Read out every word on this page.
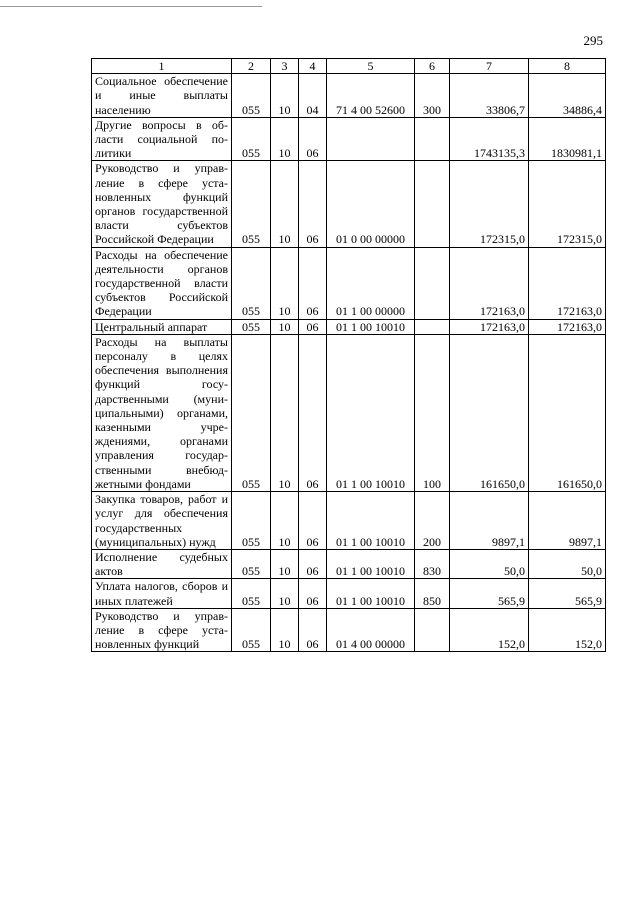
295
1	2	3	4	5	6	7	8
Социальное обеспечение и иные выплаты населению	055	10	04	71 4 00 52600	300	33806,7	34886,4
Другие вопросы в области социальной политики	055	10	06			1743135,3	1830981,1
Руководство и управление в сфере установленных функций органов государственной власти субъектов Российской Федерации	055	10	06	01 0 00 00000		172315,0	172315,0
Расходы на обеспечение деятельности органов государственной власти субъектов Российской Федерации	055	10	06	01 1 00 00000		172163,0	172163,0
Центральный аппарат	055	10	06	01 1 00 10010		172163,0	172163,0
Расходы на выплаты персоналу в целях обеспечения выполнения функций государственными (муниципальными) органами, казенными учреждениями, органами управления государственными внебюджетными фондами	055	10	06	01 1 00 10010	100	161650,0	161650,0
Закупка товаров, работ и услуг для обеспечения государственных (муниципальных) нужд	055	10	06	01 1 00 10010	200	9897,1	9897,1
Исполнение судебных актов	055	10	06	01 1 00 10010	830	50,0	50,0
Уплата налогов, сборов и иных платежей	055	10	06	01 1 00 10010	850	565,9	565,9
Руководство и управление в сфере установленных функций	055	10	06	01 4 00 00000		152,0	152,0
